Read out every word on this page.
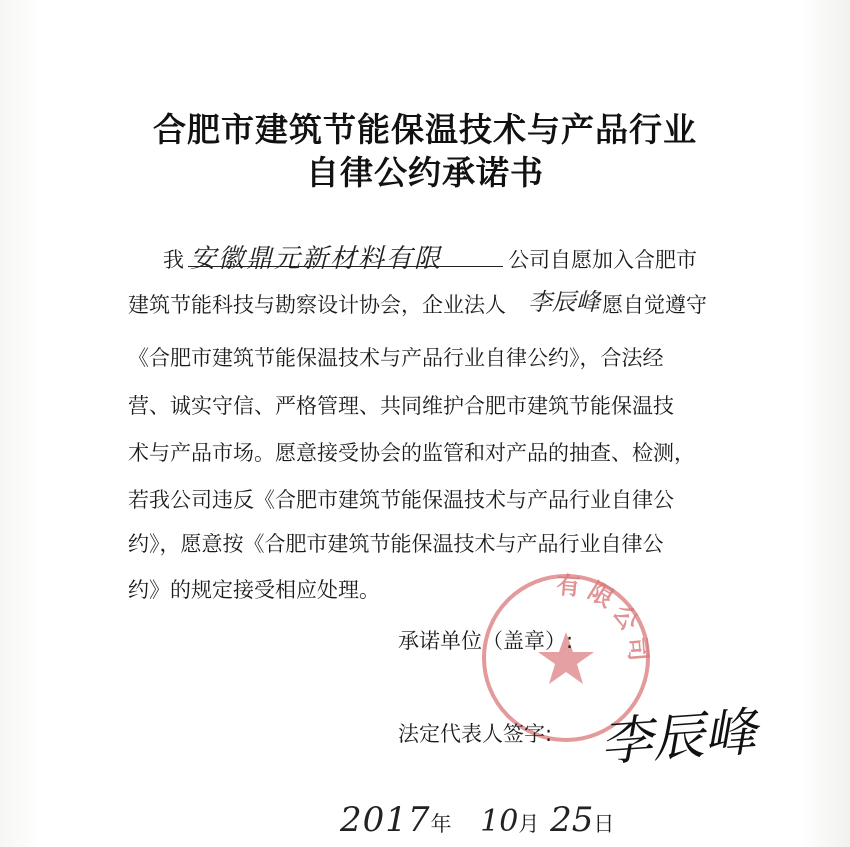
合肥市建筑节能保温技术与产品行业
自律公约承诺书
我 安徽鼎元新材料有限	公司自愿加入合肥市
建筑节能科技与勘察设计协会，企业法人 李辰峰 愿自觉遵守
《合肥市建筑节能保温技术与产品行业自律公约》，合法经
营、诚实守信、严格管理、共同维护合肥市建筑节能保温技
术与产品市场。愿意接受协会的监管和对产品的抽查、检测，
若我公司违反《合肥市建筑节能保温技术与产品行业自律公
约》，愿意按《合肥市建筑节能保温技术与产品行业自律公
约》的规定接受相应处理。	有限公司
承诺单位（盖章）:
法定代表人签字: 李辰峰
2017年 10月 25日
